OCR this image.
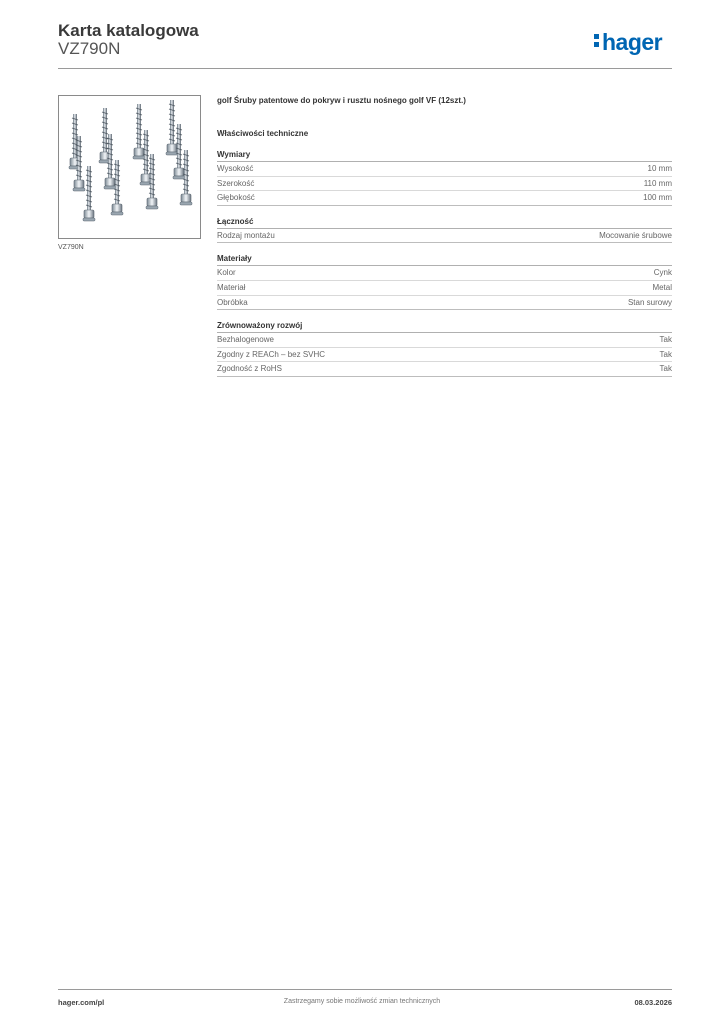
Karta katalogowa
VZ790N	hager
VZ790N
golf Śruby patentowe do pokryw i rusztu nośnego golf VF (12szt.)
Właściwości techniczne
Wymiary
Wysokość	10 mm
Szerokość	110 mm
Głębokość	100 mm
Łączność
Rodzaj montażu	Mocowanie śrubowe
Materiały
Kolor	Cynk
Materiał	Metal
Obróbka	Stan surowy
Zrównoważony rozwój
Bezhalogenowe	Tak
Zgodny z REACh – bez SVHC	Tak
Zgodność z RoHS	Tak
hager.com/pl	Zastrzegamy sobie możliwość zmian technicznych	08.03.2026
